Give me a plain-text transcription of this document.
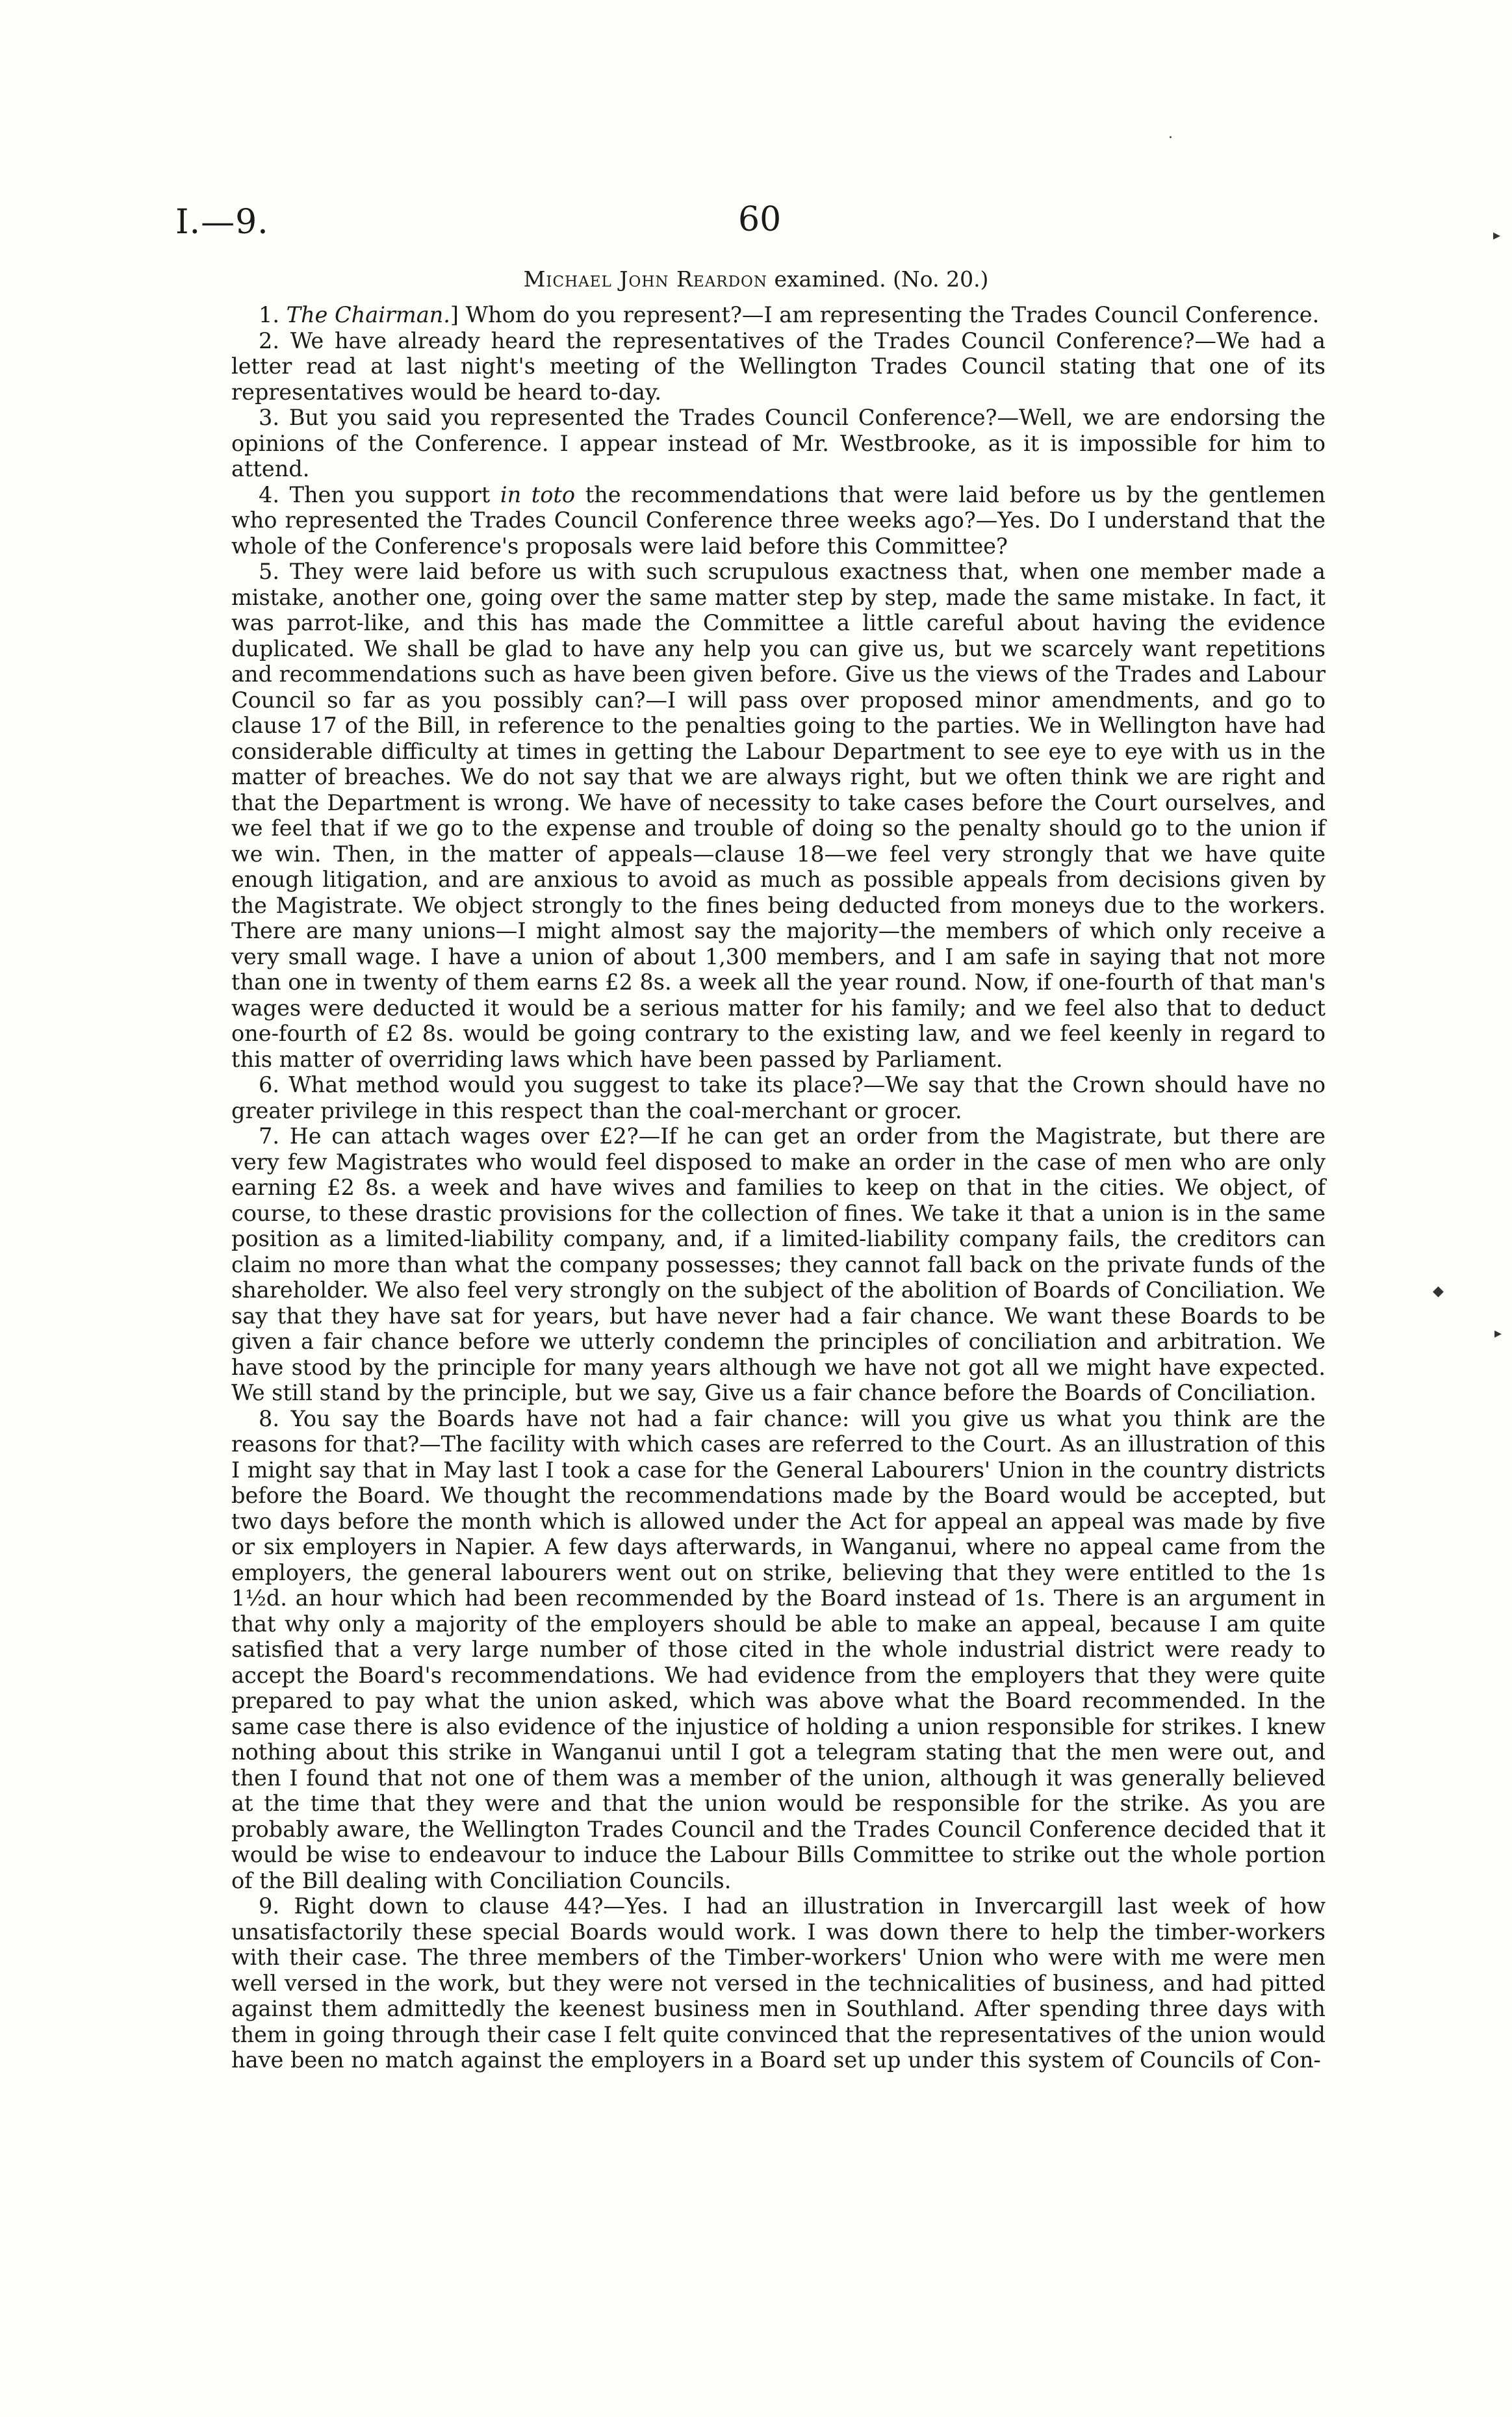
I.—9.	60
Michael John Reardon examined. (No. 20.)

1. The Chairman.] Whom do you represent?—I am representing the Trades Council Conference.

2. We have already heard the representatives of the Trades Council Conference?—We had a letter read at last night's meeting of the Wellington Trades Council stating that one of its representatives would be heard to-day.

3. But you said you represented the Trades Council Conference?—Well, we are endorsing the opinions of the Conference. I appear instead of Mr. Westbrooke, as it is impossible for him to attend.

4. Then you support in toto the recommendations that were laid before us by the gentlemen who represented the Trades Council Conference three weeks ago?—Yes. Do I understand that the whole of the Conference's proposals were laid before this Committee?

5. They were laid before us with such scrupulous exactness that, when one member made a mistake, another one, going over the same matter step by step, made the same mistake. In fact, it was parrot-like, and this has made the Committee a little careful about having the evidence duplicated. We shall be glad to have any help you can give us, but we scarcely want repetitions and recommendations such as have been given before. Give us the views of the Trades and Labour Council so far as you possibly can?—I will pass over proposed minor amendments, and go to clause 17 of the Bill, in reference to the penalties going to the parties. We in Wellington have had considerable difficulty at times in getting the Labour Department to see eye to eye with us in the matter of breaches. We do not say that we are always right, but we often think we are right and that the Department is wrong. We have of necessity to take cases before the Court ourselves, and we feel that if we go to the expense and trouble of doing so the penalty should go to the union if we win. Then, in the matter of appeals—clause 18—we feel very strongly that we have quite enough litigation, and are anxious to avoid as much as possible appeals from decisions given by the Magistrate. We object strongly to the fines being deducted from moneys due to the workers. There are many unions—I might almost say the majority—the members of which only receive a very small wage. I have a union of about 1,300 members, and I am safe in saying that not more than one in twenty of them earns £2 8s. a week all the year round. Now, if one-fourth of that man's wages were deducted it would be a serious matter for his family; and we feel also that to deduct one-fourth of £2 8s. would be going contrary to the existing law, and we feel keenly in regard to this matter of overriding laws which have been passed by Parliament.

6. What method would you suggest to take its place?—We say that the Crown should have no greater privilege in this respect than the coal-merchant or grocer.

7. He can attach wages over £2?—If he can get an order from the Magistrate, but there are very few Magistrates who would feel disposed to make an order in the case of men who are only earning £2 8s. a week and have wives and families to keep on that in the cities. We object, of course, to these drastic provisions for the collection of fines. We take it that a union is in the same position as a limited-liability company, and, if a limited-liability company fails, the creditors can claim no more than what the company possesses; they cannot fall back on the private funds of the shareholder. We also feel very strongly on the subject of the abolition of Boards of Conciliation. We say that they have sat for years, but have never had a fair chance. We want these Boards to be given a fair chance before we utterly condemn the principles of conciliation and arbitration. We have stood by the principle for many years although we have not got all we might have expected. We still stand by the principle, but we say, Give us a fair chance before the Boards of Conciliation.

8. You say the Boards have not had a fair chance: will you give us what you think are the reasons for that?—The facility with which cases are referred to the Court. As an illustration of this I might say that in May last I took a case for the General Labourers' Union in the country districts before the Board. We thought the recommendations made by the Board would be accepted, but two days before the month which is allowed under the Act for appeal an appeal was made by five or six employers in Napier. A few days afterwards, in Wanganui, where no appeal came from the employers, the general labourers went out on strike, believing that they were entitled to the 1s 1½d. an hour which had been recommended by the Board instead of 1s. There is an argument in that why only a majority of the employers should be able to make an appeal, because I am quite satisfied that a very large number of those cited in the whole industrial district were ready to accept the Board's recommendations. We had evidence from the employers that they were quite prepared to pay what the union asked, which was above what the Board recommended. In the same case there is also evidence of the injustice of holding a union responsible for strikes. I knew nothing about this strike in Wanganui until I got a telegram stating that the men were out, and then I found that not one of them was a member of the union, although it was generally believed at the time that they were and that the union would be responsible for the strike. As you are probably aware, the Wellington Trades Council and the Trades Council Conference decided that it would be wise to endeavour to induce the Labour Bills Committee to strike out the whole portion of the Bill dealing with Conciliation Councils.

9. Right down to clause 44?—Yes. I had an illustration in Invercargill last week of how unsatisfactorily these special Boards would work. I was down there to help the timber-workers with their case. The three members of the Timber-workers' Union who were with me were men well versed in the work, but they were not versed in the technicalities of business, and had pitted against them admittedly the keenest business men in Southland. After spending three days with them in going through their case I felt quite convinced that the representatives of the union would have been no match against the employers in a Board set up under this system of Councils of Con-

·
▸
◆
▸
